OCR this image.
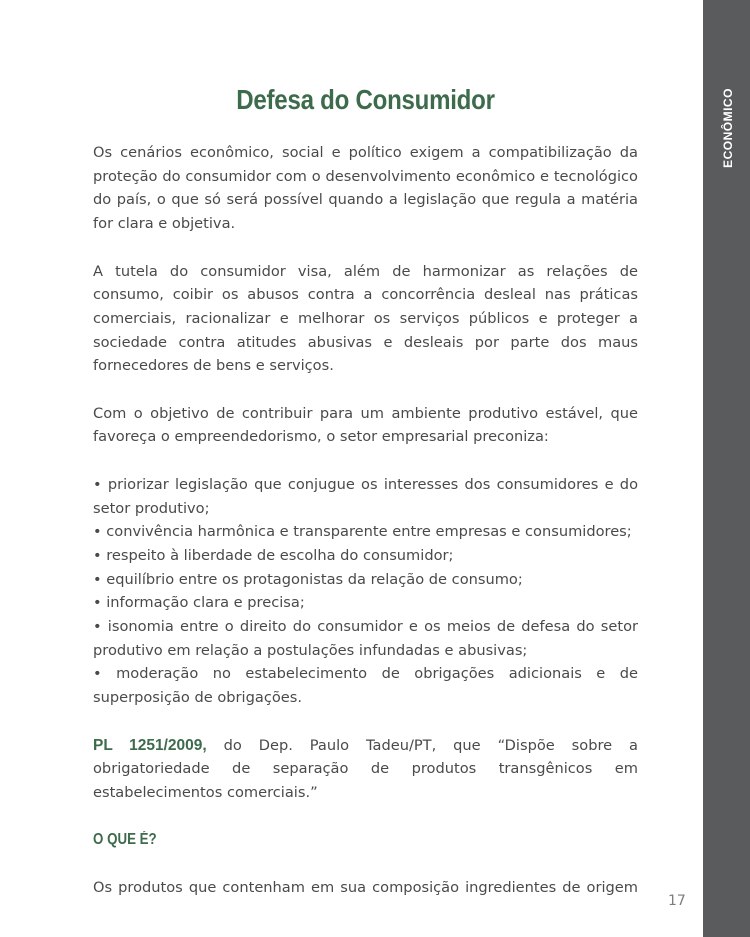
ECONÔMICO
Defesa do Consumidor

Os cenários econômico, social e político exigem a compatibilização da proteção do consumidor com o desenvolvimento econômico e tecnológico do país, o que só será possível quando a legislação que regula a matéria for clara e objetiva.

A tutela do consumidor visa, além de harmonizar as relações de consumo, coibir os abusos contra a concorrência desleal nas práticas comerciais, racionalizar e melhorar os serviços públicos e proteger a sociedade contra atitudes abusivas e desleais por parte dos maus fornecedores de bens e serviços.

Com o objetivo de contribuir para um ambiente produtivo estável, que favoreça o empreendedorismo, o setor empresarial preconiza:

• priorizar legislação que conjugue os interesses dos consumidores e do setor produtivo;

• convivência harmônica e transparente entre empresas e consumidores;

• respeito à liberdade de escolha do consumidor;

• equilíbrio entre os protagonistas da relação de consumo;

• informação clara e precisa;

• isonomia entre o direito do consumidor e os meios de defesa do setor produtivo em relação a postulações infundadas e abusivas;

• moderação no estabelecimento de obrigações adicionais e de superposição de obrigações.

PL 1251/2009, do Dep. Paulo Tadeu/PT, que “Dispõe sobre a obrigatoriedade de separação de produtos transgênicos em estabelecimentos comerciais.”

O QUE É?

Os produtos que contenham em sua composição ingredientes de origem

17
